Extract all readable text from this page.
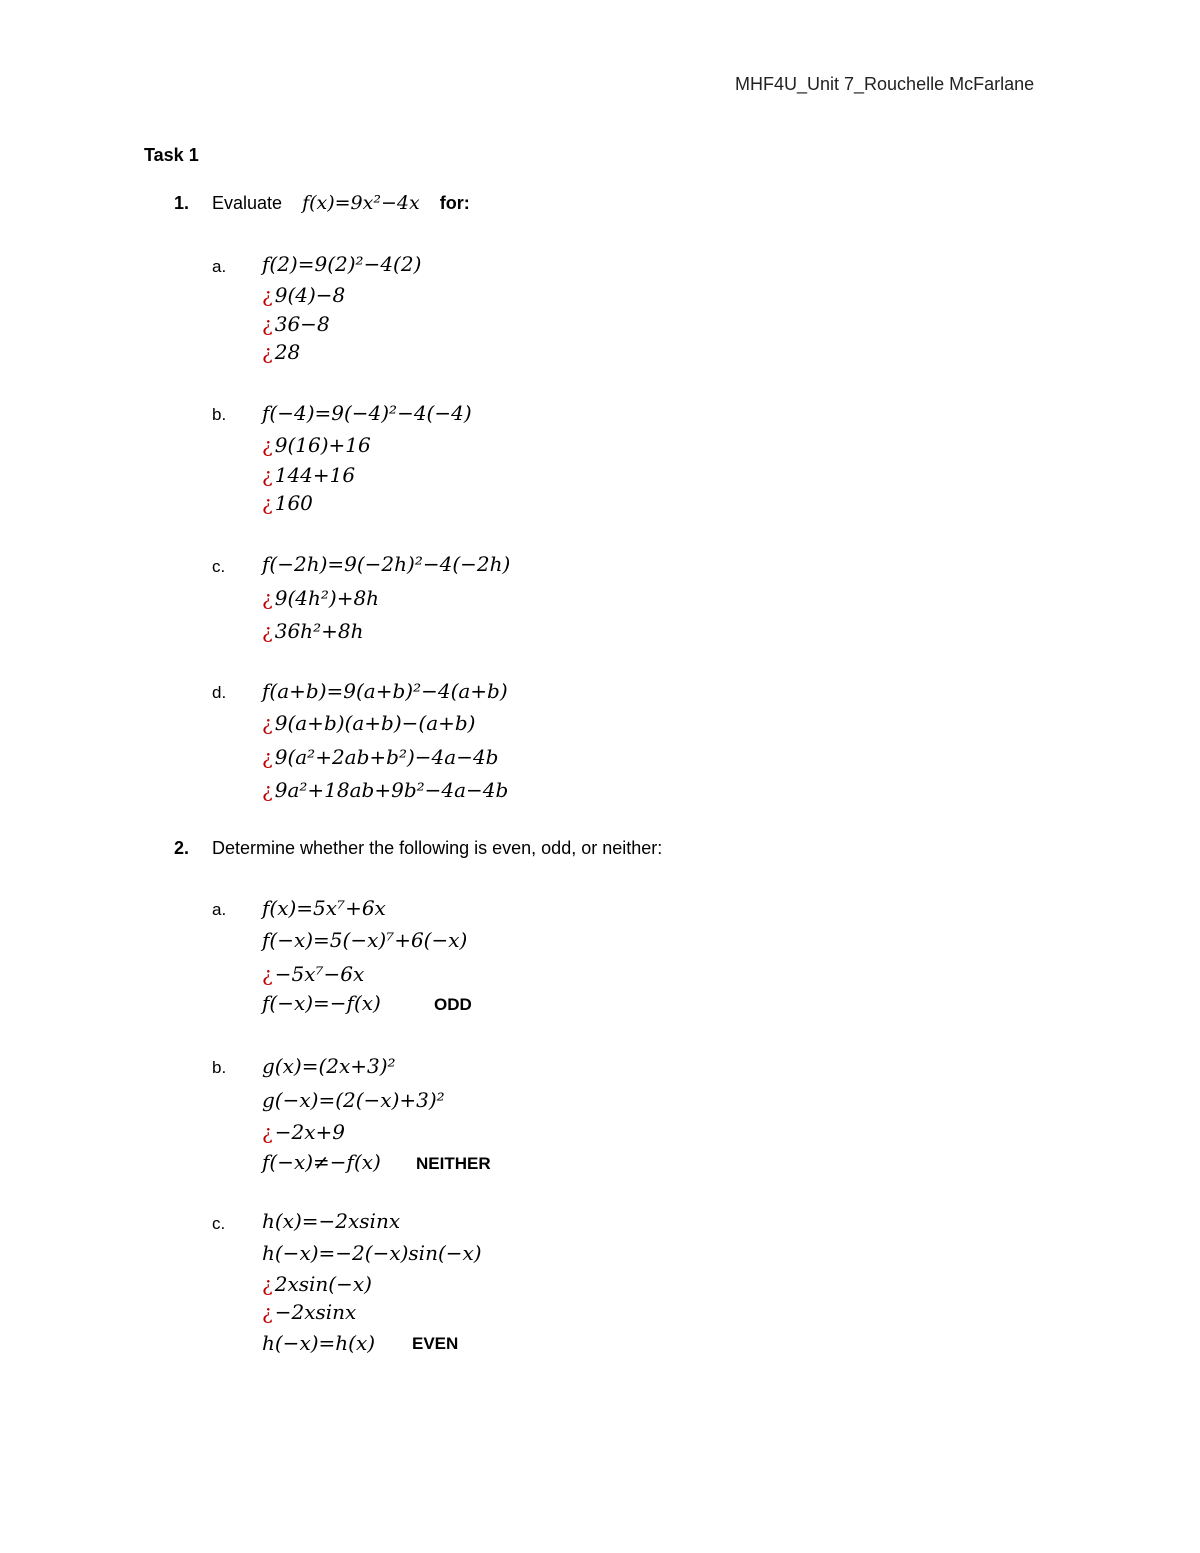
MHF4U_Unit 7_Rouchelle McFarlane
Task 1
1. Evaluate f(x)=9x²−4x for:
a. f(2)=9(2)²−4(2)
¿ 9(4)−8
¿ 36−8
¿ 28
b. f(−4)=9(−4)²−4(−4)
¿ 9(16)+16
¿ 144+16
¿ 160
c. f(−2h)=9(−2h)²−4(−2h)
¿ 9(4h²)+8h
¿ 36h²+8h
d. f(a+b)=9(a+b)²−4(a+b)
¿ 9(a+b)(a+b)−(a+b)
¿ 9(a²+2ab+b²)−4a−4b
¿ 9a²+18ab+9b²−4a−4b
2. Determine whether the following is even, odd, or neither:
a. f(x)=5x⁷+6x
f(−x)=5(−x)⁷+6(−x)
¿ −5x⁷−6x
f(−x)=−f(x)	ODD
b. g(x)=(2x+3)²
g(−x)=(2(−x)+3)²
¿ −2x+9
f(−x)≠−f(x) NEITHER
c. h(x)=−2xsinx
h(−x)=−2(−x)sin(−x)
¿ 2xsin(−x)
¿ −2xsinx
h(−x)=h(x) EVEN
